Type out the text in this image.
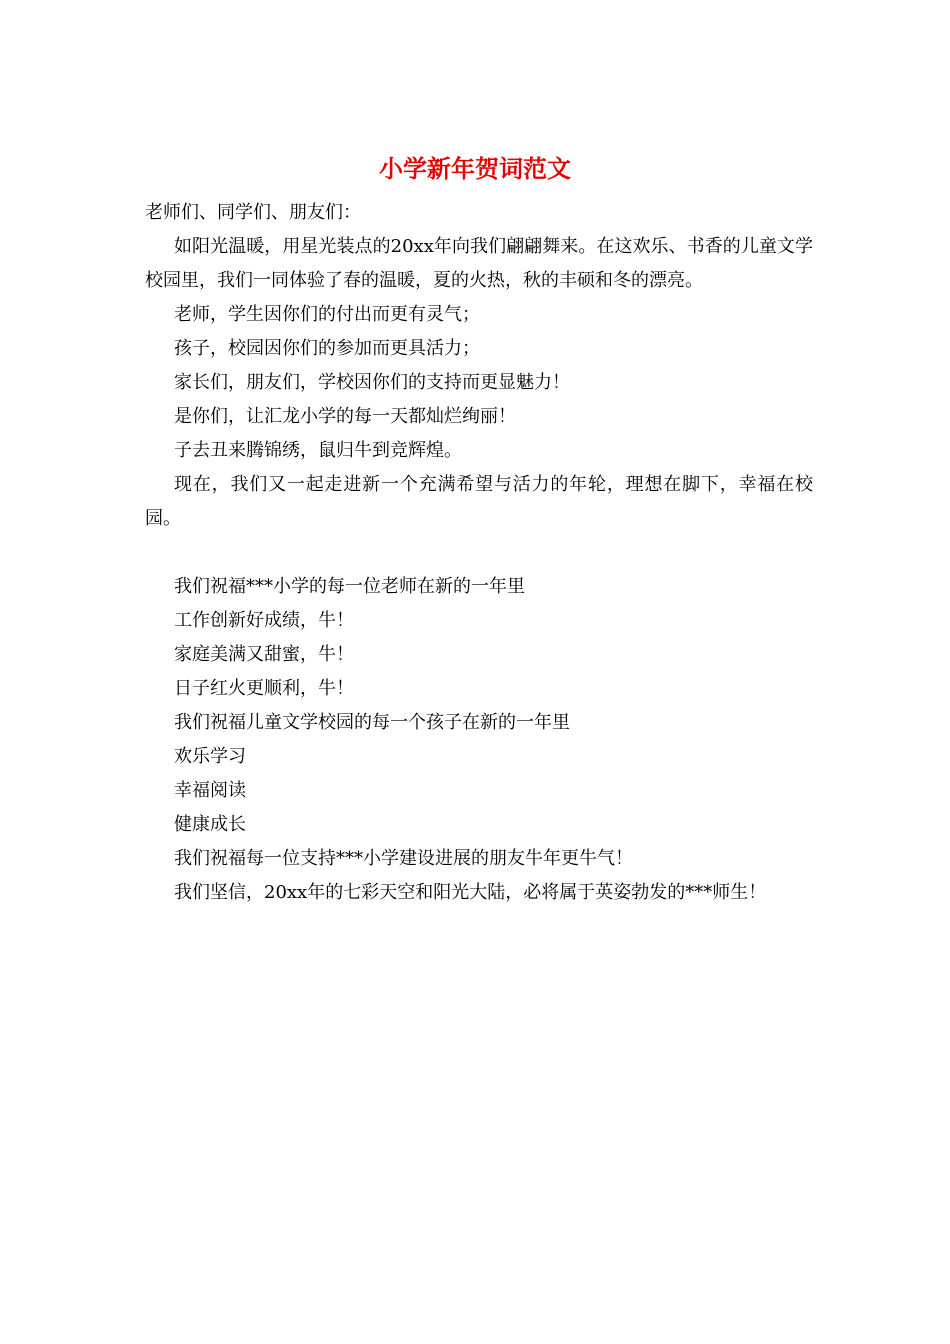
小学新年贺词范文
老师们、同学们、朋友们：
如阳光温暖，用星光装点的20xx年向我们翩翩舞来。在这欢乐、书香的儿童文学校园里，我们一同体验了春的温暖，夏的火热，秋的丰硕和冬的漂亮。
老师，学生因你们的付出而更有灵气；
孩子，校园因你们的参加而更具活力；
家长们，朋友们，学校因你们的支持而更显魅力！
是你们，让汇龙小学的每一天都灿烂绚丽！
子去丑来腾锦绣，鼠归牛到竞辉煌。
现在，我们又一起走进新一个充满希望与活力的年轮，理想在脚下，幸福在校园。
我们祝福***小学的每一位老师在新的一年里
工作创新好成绩，牛！
家庭美满又甜蜜，牛！
日子红火更顺利，牛！
我们祝福儿童文学校园的每一个孩子在新的一年里
欢乐学习
幸福阅读
健康成长
我们祝福每一位支持***小学建设进展的朋友牛年更牛气！
我们坚信，20xx年的七彩天空和阳光大陆，必将属于英姿勃发的***师生！
